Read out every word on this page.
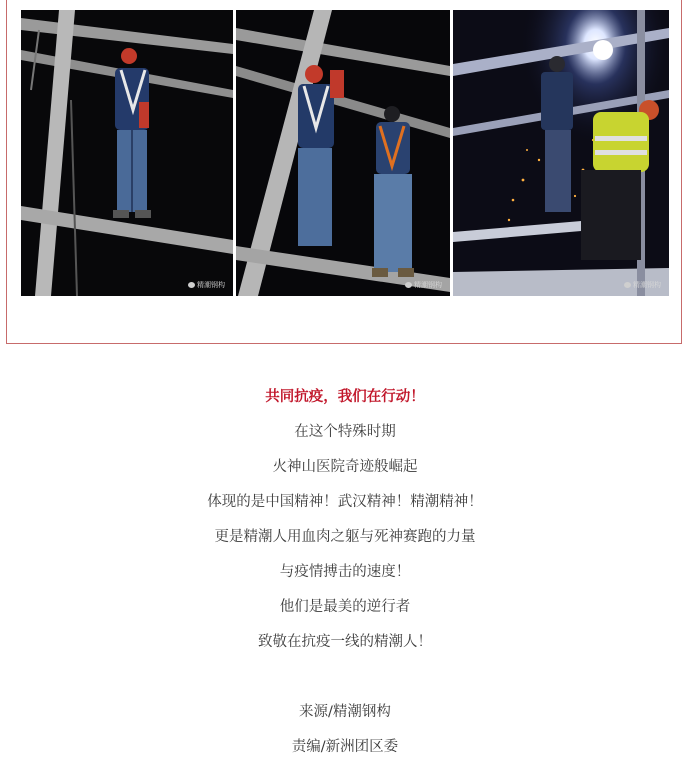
精潮钢构	精潮钢构	精潮钢构
共同抗疫，我们在行动！
在这个特殊时期
火神山医院奇迹般崛起
体现的是中国精神！武汉精神！精潮精神！
更是精潮人用血肉之躯与死神赛跑的力量
与疫情搏击的速度！
他们是最美的逆行者
致敬在抗疫一线的精潮人！
来源/精潮钢构
责编/新洲团区委
